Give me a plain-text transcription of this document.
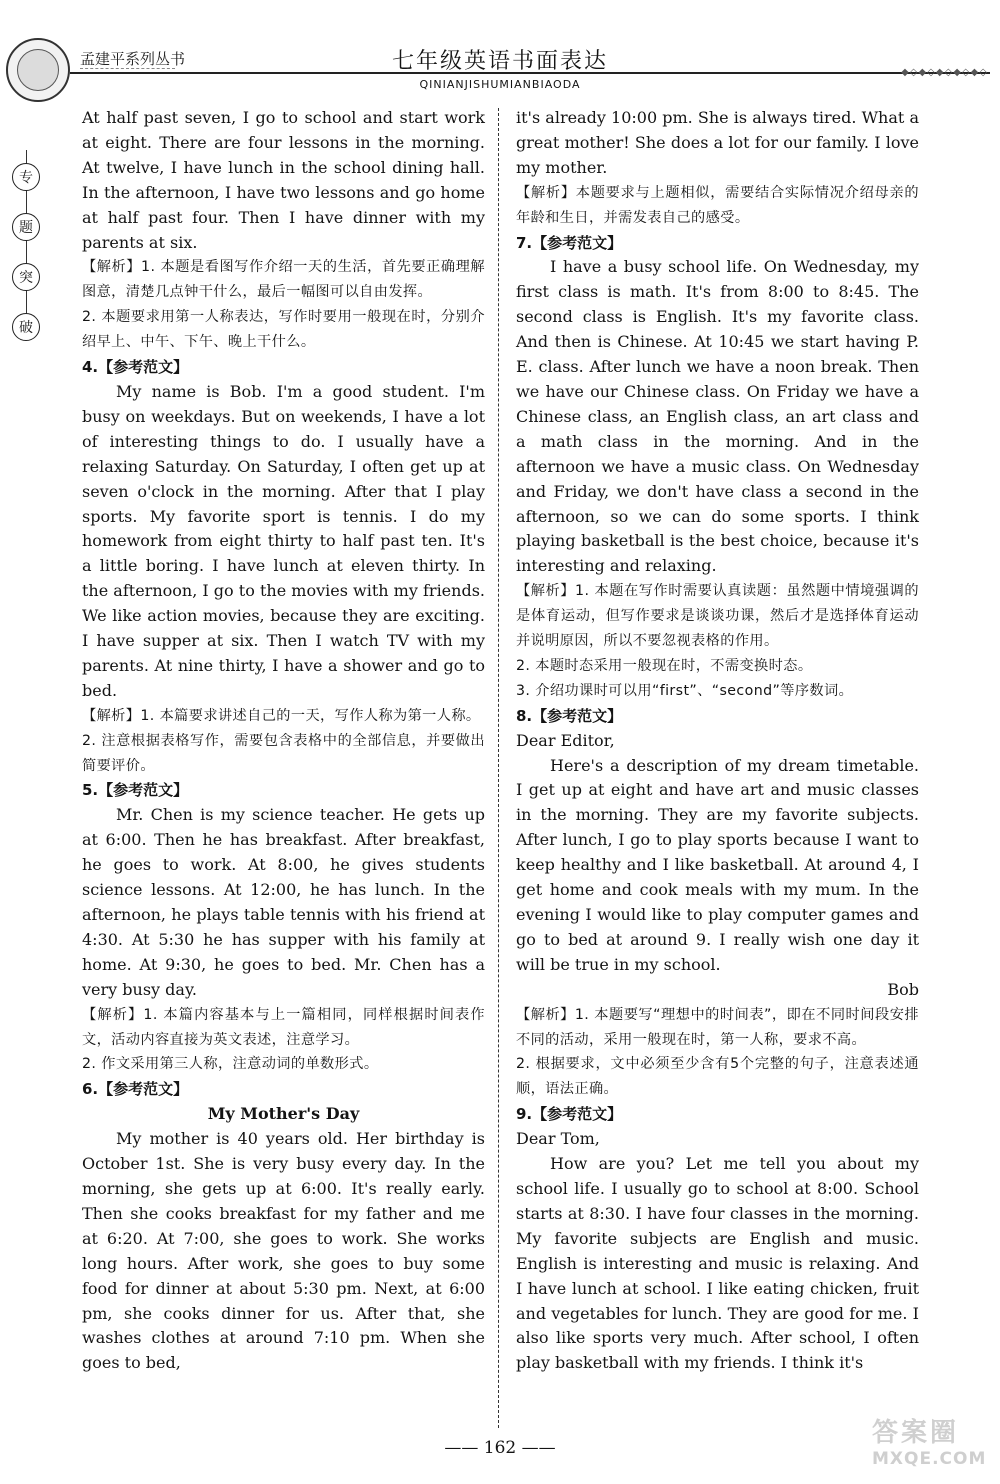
孟建平系列丛书	七年级英语书面表达	◆◇◆◇◆◇◆◇◆◇
QINIANJISHUMIANBIAODA
专
题
突
破

At half past seven, I go to school and start work at eight. There are four lessons in the morning. At twelve, I have lunch in the school dining hall. In the afternoon, I have two lessons and go home at half past four. Then I have dinner with my parents at six.

【解析】1. 本题是看图写作介绍一天的生活，首先要正确理解图意，清楚几点钟干什么，最后一幅图可以自由发挥。

2. 本题要求用第一人称表达，写作时要用一般现在时，分别介绍早上、中午、下午、晚上干什么。

4.【参考范文】

My name is Bob. I'm a good student. I'm busy on weekdays. But on weekends, I have a lot of interesting things to do. I usually have a relaxing Saturday. On Saturday, I often get up at seven o'clock in the morning. After that I play sports. My favorite sport is tennis. I do my homework from eight thirty to half past ten. It's a little boring. I have lunch at eleven thirty. In the afternoon, I go to the movies with my friends. We like action movies, because they are exciting. I have supper at six. Then I watch TV with my parents. At nine thirty, I have a shower and go to bed.

【解析】1. 本篇要求讲述自己的一天，写作人称为第一人称。

2. 注意根据表格写作，需要包含表格中的全部信息，并要做出简要评价。

5.【参考范文】

Mr. Chen is my science teacher. He gets up at 6:00. Then he has breakfast. After breakfast, he goes to work. At 8:00, he gives students science lessons. At 12:00, he has lunch. In the afternoon, he plays table tennis with his friend at 4:30. At 5:30 he has supper with his family at home. At 9:30, he goes to bed. Mr. Chen has a very busy day.

【解析】1. 本篇内容基本与上一篇相同，同样根据时间表作文，活动内容直接为英文表述，注意学习。

2. 作文采用第三人称，注意动词的单数形式。

6.【参考范文】

My Mother's Day

My mother is 40 years old. Her birthday is October 1st. She is very busy every day. In the morning, she gets up at 6:00. It's really early. Then she cooks breakfast for my father and me at 6:20. At 7:00, she goes to work. She works long hours. After work, she goes to buy some food for dinner at about 5:30 pm. Next, at 6:00 pm, she cooks dinner for us. After that, she washes clothes at around 7:10 pm. When she goes to bed,

it's already 10:00 pm. She is always tired. What a great mother! She does a lot for our family. I love my mother.

【解析】本题要求与上题相似，需要结合实际情况介绍母亲的年龄和生日，并需发表自己的感受。

7.【参考范文】

I have a busy school life. On Wednesday, my first class is math. It's from 8:00 to 8:45. The second class is English. It's my favorite class. And then is Chinese. At 10:45 we start having P. E. class. After lunch we have a noon break. Then we have our Chinese class. On Friday we have a Chinese class, an English class, an art class and a math class in the morning. And in the afternoon we have a music class. On Wednesday and Friday, we don't have class a second in the afternoon, so we can do some sports. I think playing basketball is the best choice, because it's interesting and relaxing.

【解析】1. 本题在写作时需要认真读题：虽然题中情境强调的是体育运动，但写作要求是谈谈功课，然后才是选择体育运动并说明原因，所以不要忽视表格的作用。

2. 本题时态采用一般现在时，不需变换时态。

3. 介绍功课时可以用“first”、“second”等序数词。

8.【参考范文】

Dear Editor,

Here's a description of my dream timetable. I get up at eight and have art and music classes in the morning. They are my favorite subjects. After lunch, I go to play sports because I want to keep healthy and I like basketball. At around 4, I get home and cook meals with my mum. In the evening I would like to play computer games and go to bed at around 9. I really wish one day it will be true in my school.

Bob

【解析】1. 本题要写“理想中的时间表”，即在不同时间段安排不同的活动，采用一般现在时，第一人称，要求不高。

2. 根据要求，文中必须至少含有5个完整的句子，注意表述通顺，语法正确。

9.【参考范文】

Dear Tom,

How are you? Let me tell you about my school life. I usually go to school at 8:00. School starts at 8:30. I have four classes in the morning. My favorite subjects are English and music. English is interesting and music is relaxing. And I have lunch at school. I like eating chicken, fruit and vegetables for lunch. They are good for me. I also like sports very much. After school, I often play basketball with my friends. I think it's

—— 162 ——	答案圈
MXQE.COM
